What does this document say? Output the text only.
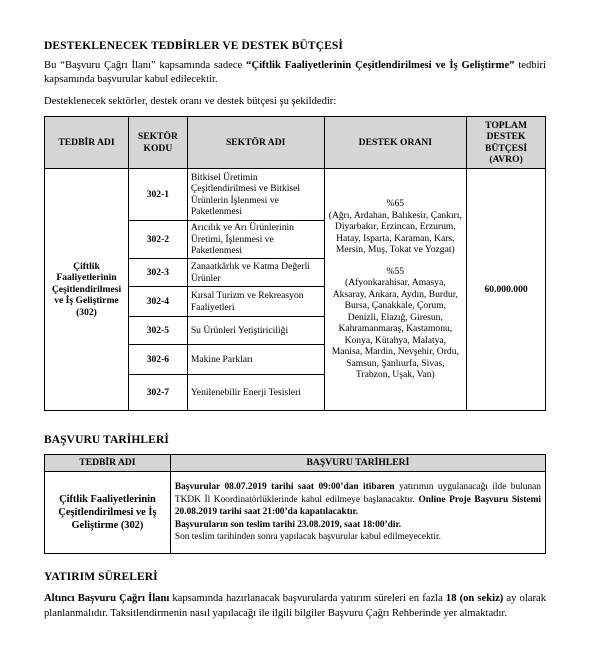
DESTEKLENECEK TEDBİRLER VE DESTEK BÜTÇESİ

Bu “Başvuru Çağrı İlanı” kapsamında sadece “Çiftlik Faaliyetlerinin Çeşitlendirilmesi ve İş Geliştirme” tedbiri kapsamında başvurular kabul edilecektir.

Desteklenecek sektörler, destek oranı ve destek bütçesi şu şekildedir:

TEDBİR ADI	SEKTÖR KODU	SEKTÖR ADI	DESTEK ORANI	TOPLAM DESTEK BÜTÇESİ (AVRO)
Çiftlik Faaliyetlerinin Çeşitlendirilmesi ve İş Geliştirme (302)	302-1	Bitkisel Üretimin Çeşitlendirilmesi ve Bitkisel Ürünlerin İşlenmesi ve Paketlenmesi	%65
(Ağrı, Ardahan, Balıkesir, Çankırı, Diyarbakır, Erzincan, Erzurum, Hatay, Isparta, Karaman, Kars, Mersin, Muş, Tokat ve Yozgat)
%55
(Afyonkarahisar, Amasya, Aksaray, Ankara, Aydın, Burdur, Bursa, Çanakkale, Çorum, Denizli, Elazığ, Giresun, Kahramanmaraş, Kastamonu, Konya, Kütahya, Malatya, Manisa, Mardin, Nevşehir, Ordu, Samsun, Şanlıurfa, Sivas, Trabzon, Uşak, Van)	60.000.000
	302-2	Arıcılık ve Arı Ürünlerinin Üretimi, İşlenmesi ve Paketlenmesi		
	302-3	Zanaatkârlık ve Katma Değerli Ürünler		
	302-4	Kırsal Turizm ve Rekreasyon Faaliyetleri		
	302-5	Su Ürünleri Yetiştiriciliği		
	302-6	Makine Parkları		
	302-7	Yenilenebilir Enerji Tesisleri		
BAŞVURU TARİHLERİ
TEDBİR ADI	BAŞVURU TARİHLERİ
Çiftlik Faaliyetlerinin Çeşitlendirilmesi ve İş Geliştirme (302)	Başvurular 08.07.2019 tarihi saat 09:00’dan itibaren yatırımın uygulanacağı ilde bulunan TKDK İl Koordinatörlüklerinde kabul edilmeye başlanacaktır. Online Proje Başvuru Sistemi 20.08.2019 tarihi saat 21:00’da kapatılacaktır.
Başvuruların son teslim tarihi 23.08.2019, saat 18:00’dir.
Son teslim tarihinden sonra yapılacak başvurular kabul edilmeyecektir.
YATIRIM SÜRELERİ

Altıncı Başvuru Çağrı İlanı kapsamında hazırlanacak başvurularda yatırım süreleri en fazla 18 (on sekiz) ay olarak planlanmalıdır. Taksitlendirmenin nasıl yapılacağı ile ilgili bilgiler Başvuru Çağrı Rehberinde yer almaktadır.
